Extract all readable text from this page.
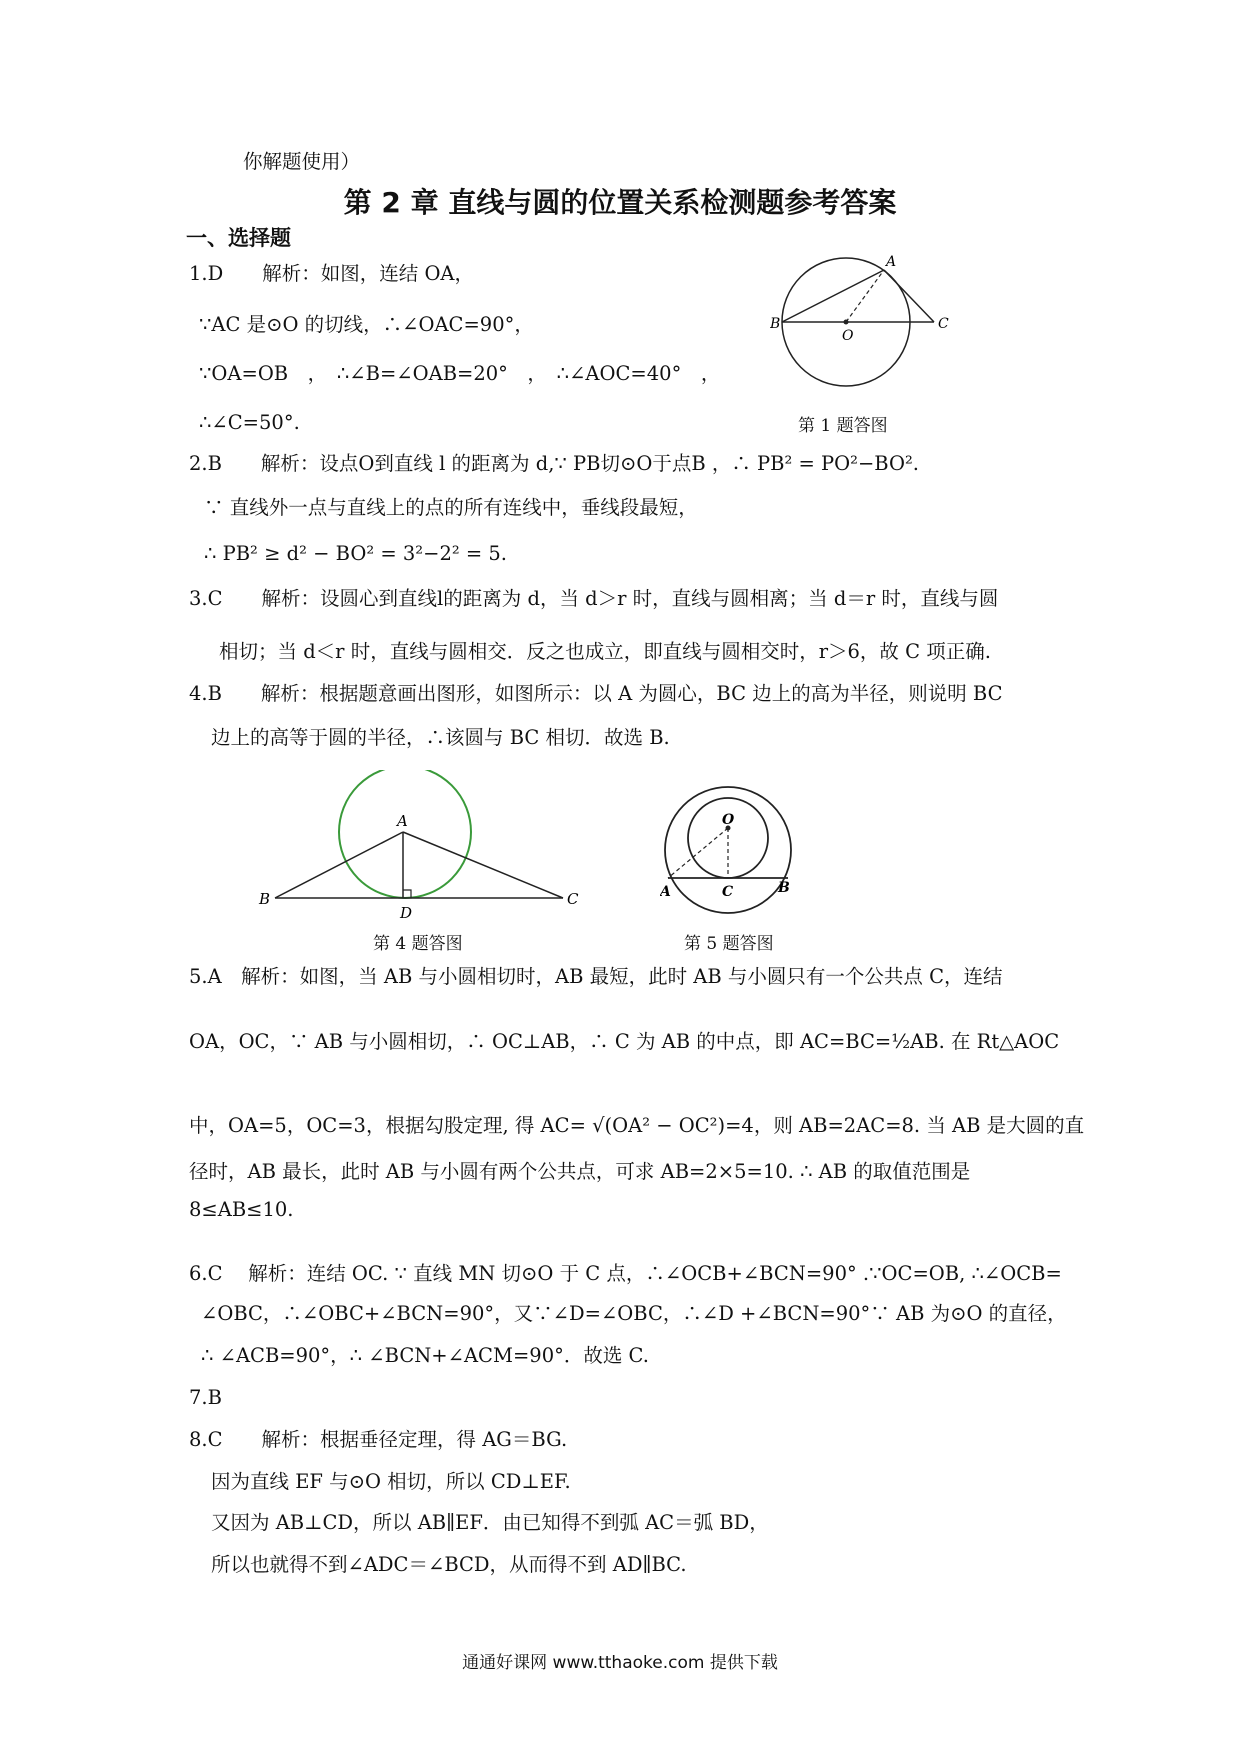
你解题使用）
第 2 章 直线与圆的位置关系检测题参考答案
一、选择题
1.D　　解析：如图，连结 OA，
∵AC 是⊙O 的切线，∴∠OAC=90°，
∵OA=OB　，　∴∠B=∠OAB=20°　，　∴∠AOC=40°　，
∴∠C=50°.
A
B	C
O
第 1 题答图
2.B　　解析：设点O到直线 l 的距离为 d,∵ PB切⊙O于点B ，∴ PB² = PO²−BO².
∵ 直线外一点与直线上的点的所有连线中，垂线段最短，
∴ PB² ≥ d² − BO² = 3²−2² = 5.
3.C　　解析：设圆心到直线l的距离为 d，当 d＞r 时，直线与圆相离；当 d＝r 时，直线与圆
相切；当 d＜r 时，直线与圆相交．反之也成立，即直线与圆相交时，r＞6，故 C 项正确.
4.B　　解析：根据题意画出图形，如图所示：以 A 为圆心，BC 边上的高为半径，则说明 BC
边上的高等于圆的半径，∴该圆与 BC 相切．故选 B.
A
B	C
D
第 4 题答图
O
A	B
C
第 5 题答图
5.A　解析：如图，当 AB 与小圆相切时，AB 最短，此时 AB 与小圆只有一个公共点 C，连结
OA，OC，∵ AB 与小圆相切，∴ OC⊥AB，∴ C 为 AB 的中点，即 AC=BC=½AB. 在 Rt△AOC
中，OA=5，OC=3，根据勾股定理, 得 AC= √(OA² − OC²)=4，则 AB=2AC=8. 当 AB 是大圆的直
径时，AB 最长，此时 AB 与小圆有两个公共点，可求 AB=2×5=10. ∴ AB 的取值范围是
8≤AB≤10.
6.C　 解析：连结 OC. ∵ 直线 MN 切⊙O 于 C 点，∴∠OCB+∠BCN=90° .∵OC=OB, ∴∠OCB=
∠OBC，∴∠OBC+∠BCN=90°，又∵∠D=∠OBC，∴∠D +∠BCN=90°∵ AB 为⊙O 的直径，
∴ ∠ACB=90°，∴ ∠BCN+∠ACM=90°．故选 C.
7.B
8.C　　解析：根据垂径定理，得 AG＝BG.
因为直线 EF 与⊙O 相切，所以 CD⊥EF.
又因为 AB⊥CD，所以 AB∥EF．由已知得不到弧 AC＝弧 BD，
所以也就得不到∠ADC＝∠BCD，从而得不到 AD∥BC.
通通好课网 www.tthaoke.com 提供下载
